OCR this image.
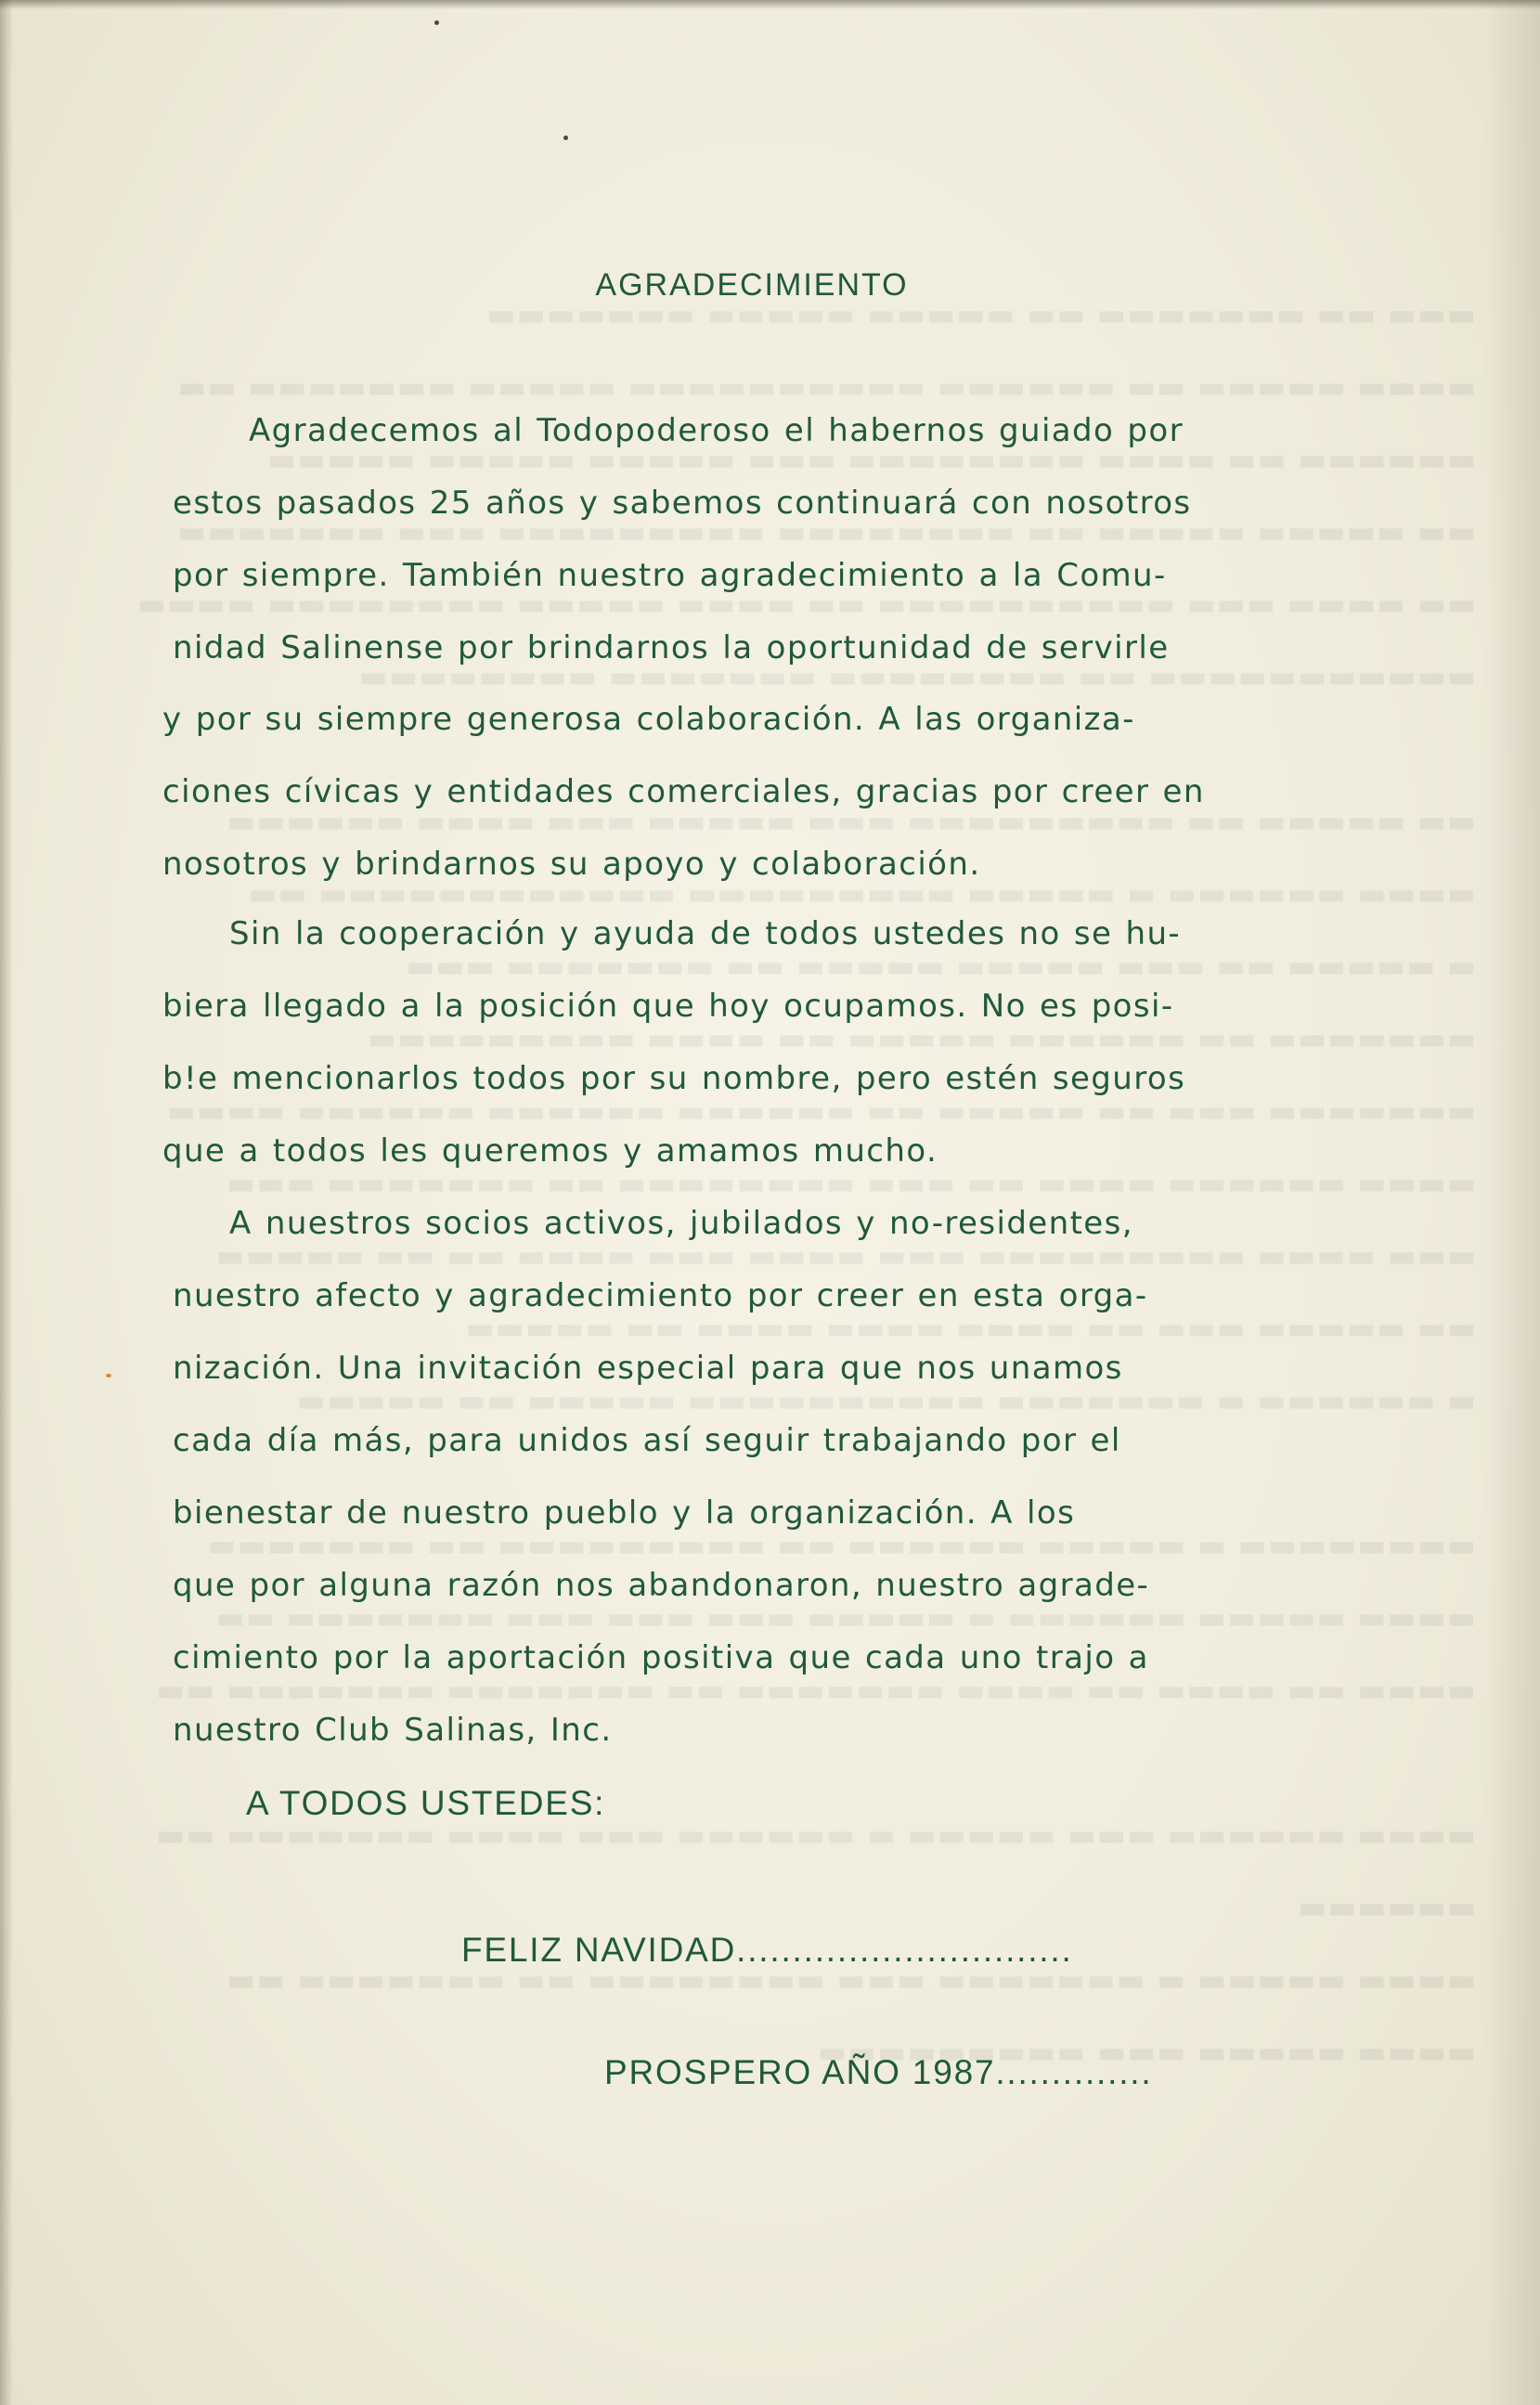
▬▬▬ ▬▬ ▬▬▬▬▬▬▬ ▬▬ ▬▬▬▬▬ ▬▬▬▬▬ ▬▬▬▬▬▬▬
▬▬▬▬ ▬▬▬▬▬ ▬▬ ▬▬▬▬▬▬ ▬▬▬▬▬▬▬▬▬▬ ▬▬▬▬▬ ▬▬▬▬▬▬▬ ▬▬
▬▬▬▬▬▬ ▬▬ ▬▬▬▬ ▬▬▬▬▬▬▬▬ ▬▬▬ ▬▬▬▬▬ ▬▬▬▬▬ ▬▬▬▬▬
▬▬ ▬▬▬▬▬ ▬▬▬▬▬ ▬▬ ▬▬▬▬▬▬▬▬ ▬▬▬▬▬▬▬▬▬ ▬▬▬ ▬▬▬▬▬▬▬
▬▬ ▬▬▬▬ ▬▬▬ ▬▬▬▬▬▬▬▬▬▬ ▬▬ ▬▬▬▬ ▬▬▬▬▬ ▬▬▬▬▬▬▬▬ ▬▬▬▬
▬▬▬▬▬▬▬▬▬▬▬ ▬▬ ▬▬▬▬▬▬▬▬ ▬▬▬▬▬▬▬ ▬▬▬▬▬▬▬▬

▬▬ ▬▬▬▬▬ ▬▬ ▬▬▬▬▬▬▬▬▬ ▬▬▬ ▬▬▬▬▬ ▬▬▬ ▬▬▬▬ ▬▬▬▬▬▬
▬▬▬▬ ▬▬▬▬▬▬ ▬ ▬▬▬▬▬ ▬▬▬▬▬▬▬▬▬ ▬▬▬▬▬▬▬▬▬▬▬▬ ▬▬
▬ ▬▬▬▬▬ ▬▬ ▬▬▬ ▬▬▬▬▬ ▬▬▬▬▬ ▬▬ ▬▬▬▬▬▬▬ ▬▬▬
▬▬▬▬▬▬▬ ▬▬ ▬▬▬▬▬▬ ▬▬▬▬▬ ▬▬ ▬▬▬▬ ▬▬▬▬▬▬▬▬▬
▬▬▬▬▬▬▬ ▬▬▬ ▬▬ ▬▬▬▬▬ ▬▬ ▬▬▬▬▬▬ ▬▬▬▬▬▬ ▬▬▬▬▬▬ ▬▬▬▬
▬▬▬▬ ▬▬▬▬▬▬ ▬▬▬▬ ▬▬ ▬▬▬ ▬▬▬▬▬▬▬▬ ▬▬ ▬▬▬▬▬▬▬ ▬▬▬
▬▬▬ ▬▬▬▬ ▬▬▬▬▬▬▬▬▬ ▬▬▬ ▬▬▬▬ ▬▬▬ ▬▬▬▬ ▬▬ ▬▬ ▬▬▬▬▬
▬▬ ▬▬▬▬▬ ▬▬▬ ▬▬ ▬▬▬▬ ▬▬▬▬ ▬▬▬▬ ▬▬ ▬▬▬▬▬
▬ ▬▬▬▬▬▬ ▬ ▬▬▬▬▬▬▬ ▬▬▬▬▬▬▬▬▬▬ ▬▬▬▬▬ ▬▬ ▬▬▬▬▬

▬▬▬▬▬▬▬▬ ▬ ▬▬▬▬▬ ▬▬▬▬▬▬ ▬▬ ▬▬▬▬▬▬▬▬▬ ▬▬ ▬▬▬▬▬▬▬
▬▬▬▬ ▬▬▬▬▬ ▬▬▬▬▬▬ ▬ ▬▬▬▬▬ ▬▬▬ ▬▬▬ ▬▬▬ ▬▬▬▬▬▬▬ ▬▬
▬▬▬▬ ▬▬ ▬▬▬▬ ▬▬ ▬▬▬▬ ▬▬▬▬▬▬▬ ▬▬ ▬▬▬▬▬▬▬ ▬▬▬▬▬▬▬ ▬▬

▬▬▬▬ ▬▬▬▬▬▬ ▬▬▬ ▬▬▬▬▬ ▬ ▬▬▬▬▬▬ ▬▬▬ ▬▬▬▬ ▬▬▬▬▬▬▬ ▬▬ ▬▬▬▬▬▬
▬▬▬▬ ▬▬▬▬▬ ▬ ▬▬▬▬▬▬▬ ▬▬▬ ▬▬▬▬▬▬▬▬ ▬▬ ▬▬▬▬▬▬▬ ▬▬
▬▬▬▬ ▬▬▬▬▬ ▬▬▬ ▬▬▬▬▬▬▬▬▬
AGRADECIMIENTO
Agradecemos al Todopoderoso el habernos guiado por
estos pasados 25 años y sabemos continuará con nosotros
por siempre. También nuestro agradecimiento a la Comu-
nidad Salinense por brindarnos la oportunidad de servirle
y por su siempre generosa colaboración. A las organiza-
ciones cívicas y entidades comerciales, gracias por creer en
nosotros y brindarnos su apoyo y colaboración.
Sin la cooperación y ayuda de todos ustedes no se hu-
biera llegado a la posición que hoy ocupamos. No es posi-
b!e mencionarlos todos por su nombre, pero estén seguros
que a todos les queremos y amamos mucho.
A nuestros socios activos, jubilados y no-residentes,
nuestro afecto y agradecimiento por creer en esta orga-
nización. Una invitación especial para que nos unamos
cada día más, para unidos así seguir trabajando por el
bienestar de nuestro pueblo y la organización. A los
que por alguna razón nos abandonaron, nuestro agrade-
cimiento por la aportación positiva que cada uno trajo a
nuestro Club Salinas, Inc.
A TODOS USTEDES:
FELIZ NAVIDAD..............................
PROSPERO AÑO 1987..............
